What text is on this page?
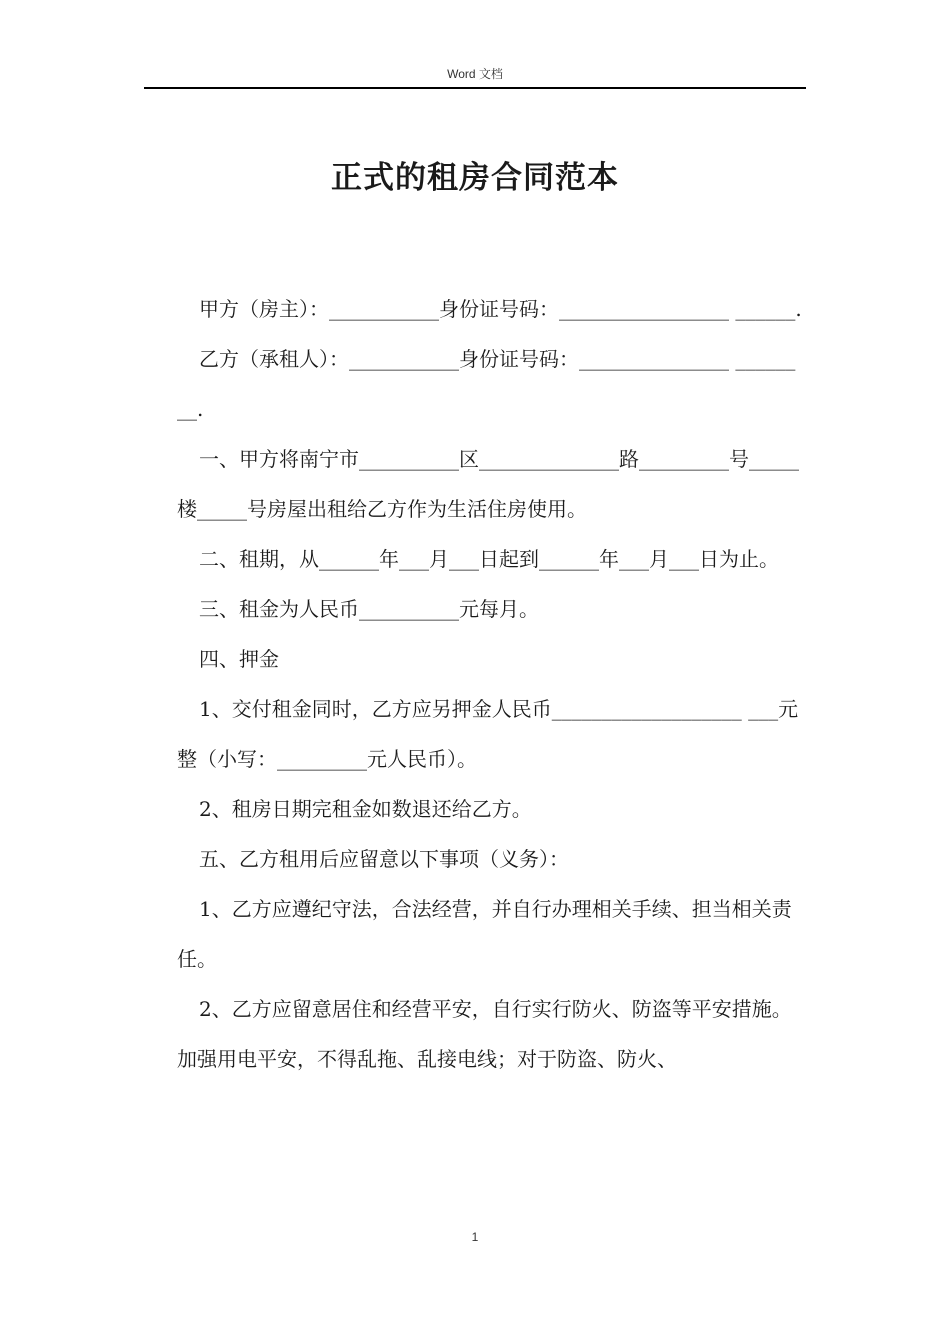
Word 文档
正式的租房合同范本

甲方（房主）：___________身份证号码：_________________ ______.

乙方（承租人）：___________身份证号码：_______________ ________.

一、甲方将南宁市__________区______________路_________号_____楼_____号房屋出租给乙方作为生活住房使用。

二、租期，从______年___月___日起到______年___月___日为止。

三、租金为人民币__________元每月。

四、押金

1、交付租金同时，乙方应另押金人民币___________________ ___元整（小写：_________元人民币）。

2、租房日期完租金如数退还给乙方。

五、乙方租用后应留意以下事项（义务）：

1、乙方应遵纪守法，合法经营，并自行办理相关手续、担当相关责任。

2、乙方应留意居住和经营平安，自行实行防火、防盗等平安措施。加强用电平安，不得乱拖、乱接电线；对于防盗、防火、

1
